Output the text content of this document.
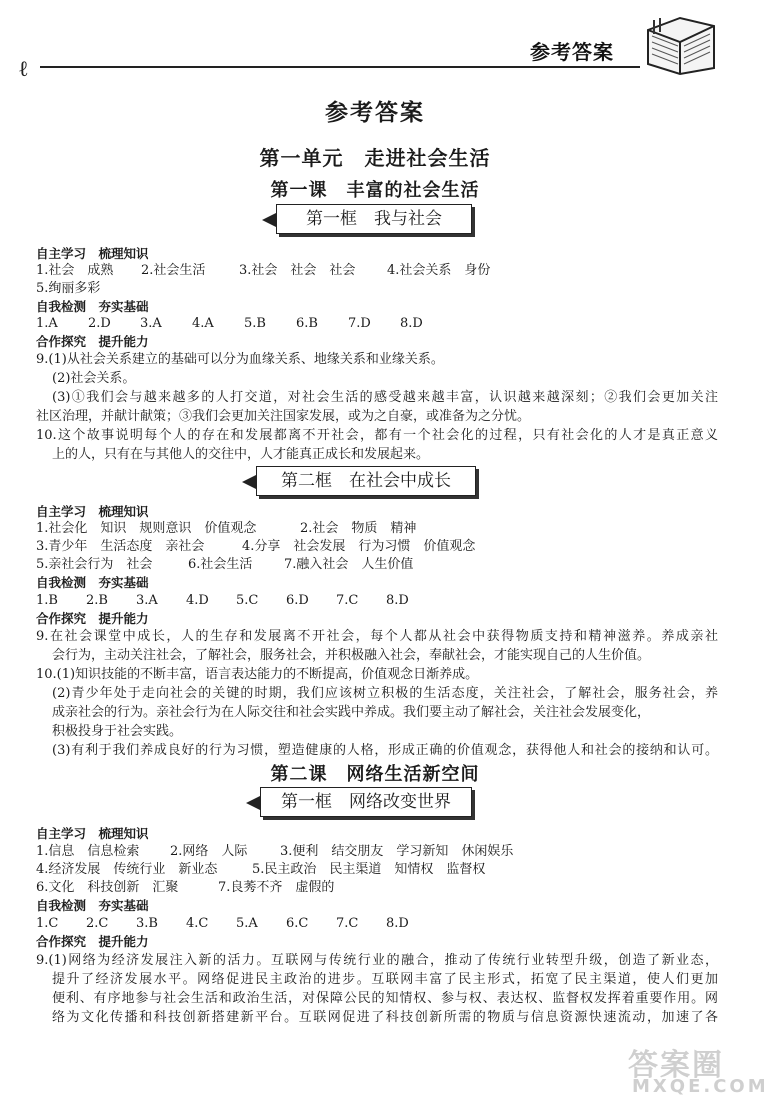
ℓ
参考答案
参考答案
第一单元　走进社会生活
第一课　丰富的社会生活
第一框　我与社会
自主学习　梳理知识
1.社会　成熟 2.社会生活	3.社会　社会　社会 4.社会关系　身份
5.绚丽多彩
自我检测　夯实基础
1.A 2.D 3.A 4.A 5.B 6.B 7.D 8.D
合作探究　提升能力
9.(1)从社会关系建立的基础可以分为血缘关系、地缘关系和业缘关系。
(2)社会关系。
(3)①我们会与越来越多的人打交道，对社会生活的感受越来越丰富，认识越来越深刻；②我们会更加关注
社区治理，并献计献策；③我们会更加关注国家发展，或为之自豪，或准备为之分忧。
10.这个故事说明每个人的存在和发展都离不开社会，都有一个社会化的过程，只有社会化的人才是真正意义
上的人，只有在与其他人的交往中，人才能真正成长和发展起来。
第二框　在社会中成长
自主学习　梳理知识
1.社会化　知识　规则意识　价值观念	2.社会　物质　精神
3.青少年　生活态度　亲社会	4.分享　社会发展　行为习惯　价值观念
5.亲社会行为　社会	6.社会生活 7.融入社会　人生价值
自我检测　夯实基础
1.B 2.B 3.A 4.D 5.C 6.D 7.C 8.D
合作探究　提升能力
9.在社会课堂中成长，人的生存和发展离不开社会，每个人都从社会中获得物质支持和精神滋养。养成亲社
会行为，主动关注社会，了解社会，服务社会，并积极融入社会，奉献社会，才能实现自己的人生价值。
10.(1)知识技能的不断丰富，语言表达能力的不断提高，价值观念日渐养成。
(2)青少年处于走向社会的关键的时期，我们应该树立积极的生活态度，关注社会，了解社会，服务社会，养
成亲社会的行为。亲社会行为在人际交往和社会实践中养成。我们要主动了解社会，关注社会发展变化，
积极投身于社会实践。
(3)有利于我们养成良好的行为习惯，塑造健康的人格，形成正确的价值观念，获得他人和社会的接纳和认可。
第二课　网络生活新空间
第一框　网络改变世界
自主学习　梳理知识
1.信息　信息检索 2.网络　人际	3.便利　结交朋友　学习新知　休闲娱乐
4.经济发展　传统行业　新业态	5.民主政治　民主渠道　知情权　监督权
6.文化　科技创新　汇聚	7.良莠不齐　虚假的
自我检测　夯实基础
1.C 2.C 3.B 4.C 5.A 6.C 7.C 8.D
合作探究　提升能力
9.(1)网络为经济发展注入新的活力。互联网与传统行业的融合，推动了传统行业转型升级，创造了新业态，
提升了经济发展水平。网络促进民主政治的进步。互联网丰富了民主形式，拓宽了民主渠道，使人们更加
便利、有序地参与社会生活和政治生活，对保障公民的知情权、参与权、表达权、监督权发挥着重要作用。网
络为文化传播和科技创新搭建新平台。互联网促进了科技创新所需的物质与信息资源快速流动，加速了各
答案圈
MXQE.COM
